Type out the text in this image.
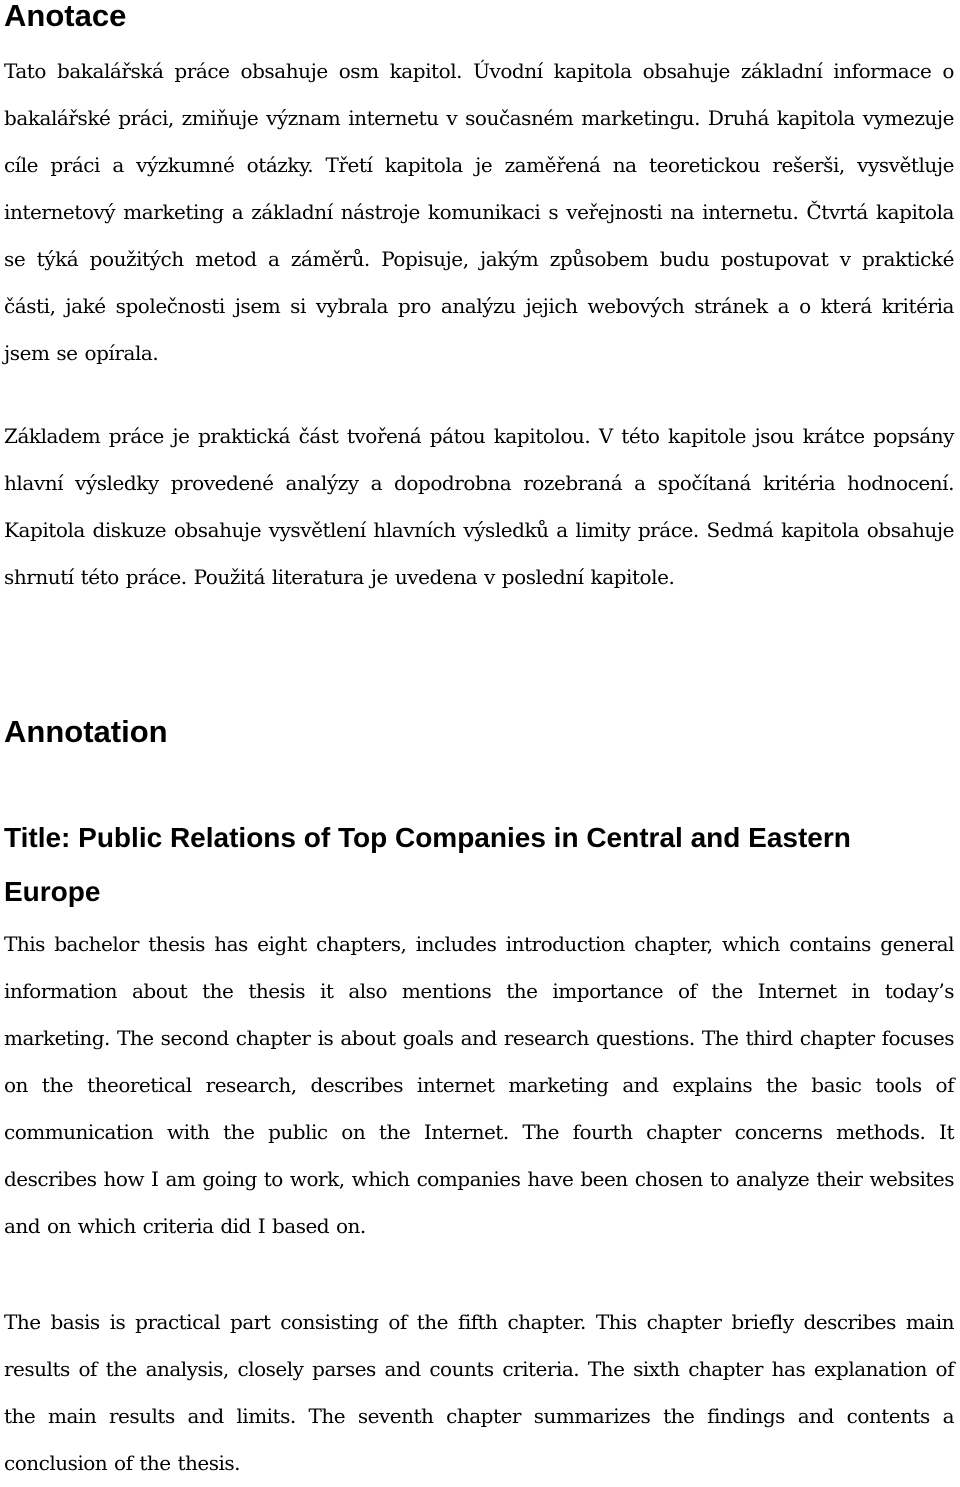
Anotace

Tato bakalářská práce obsahuje osm kapitol. Úvodní kapitola obsahuje základní informace o bakalářské práci, zmiňuje význam internetu v současném marketingu. Druhá kapitola vymezuje cíle práci a výzkumné otázky. Třetí kapitola je zaměřená na teoretickou rešerši, vysvětluje internetový marketing a základní nástroje komunikaci s veřejnosti na internetu. Čtvrtá kapitola se týká použitých metod a záměrů. Popisuje, jakým způsobem budu postupovat v praktické části, jaké společnosti jsem si vybrala pro analýzu jejich webových stránek a o která kritéria jsem se opírala.

Základem práce je praktická část tvořená pátou kapitolou. V této kapitole jsou krátce popsány hlavní výsledky provedené analýzy a dopodrobna rozebraná a spočítaná kritéria hodnocení. Kapitola diskuze obsahuje vysvětlení hlavních výsledků a limity práce. Sedmá kapitola obsahuje shrnutí této práce. Použitá literatura je uvedena v poslední kapitole.

Annotation
Title: Public Relations of Top Companies in Central and Eastern Europe

This bachelor thesis has eight chapters, includes introduction chapter, which contains general information about the thesis it also mentions the importance of the Internet in today’s marketing. The second chapter is about goals and research questions. The third chapter focuses on the theoretical research, describes internet marketing and explains the basic tools of communication with the public on the Internet. The fourth chapter concerns methods. It describes how I am going to work, which companies have been chosen to analyze their websites and on which criteria did I based on.

The basis is practical part consisting of the fifth chapter. This chapter briefly describes main results of the analysis, closely parses and counts criteria. The sixth chapter has explanation of the main results and limits. The seventh chapter summarizes the findings and contents a conclusion of the thesis.
